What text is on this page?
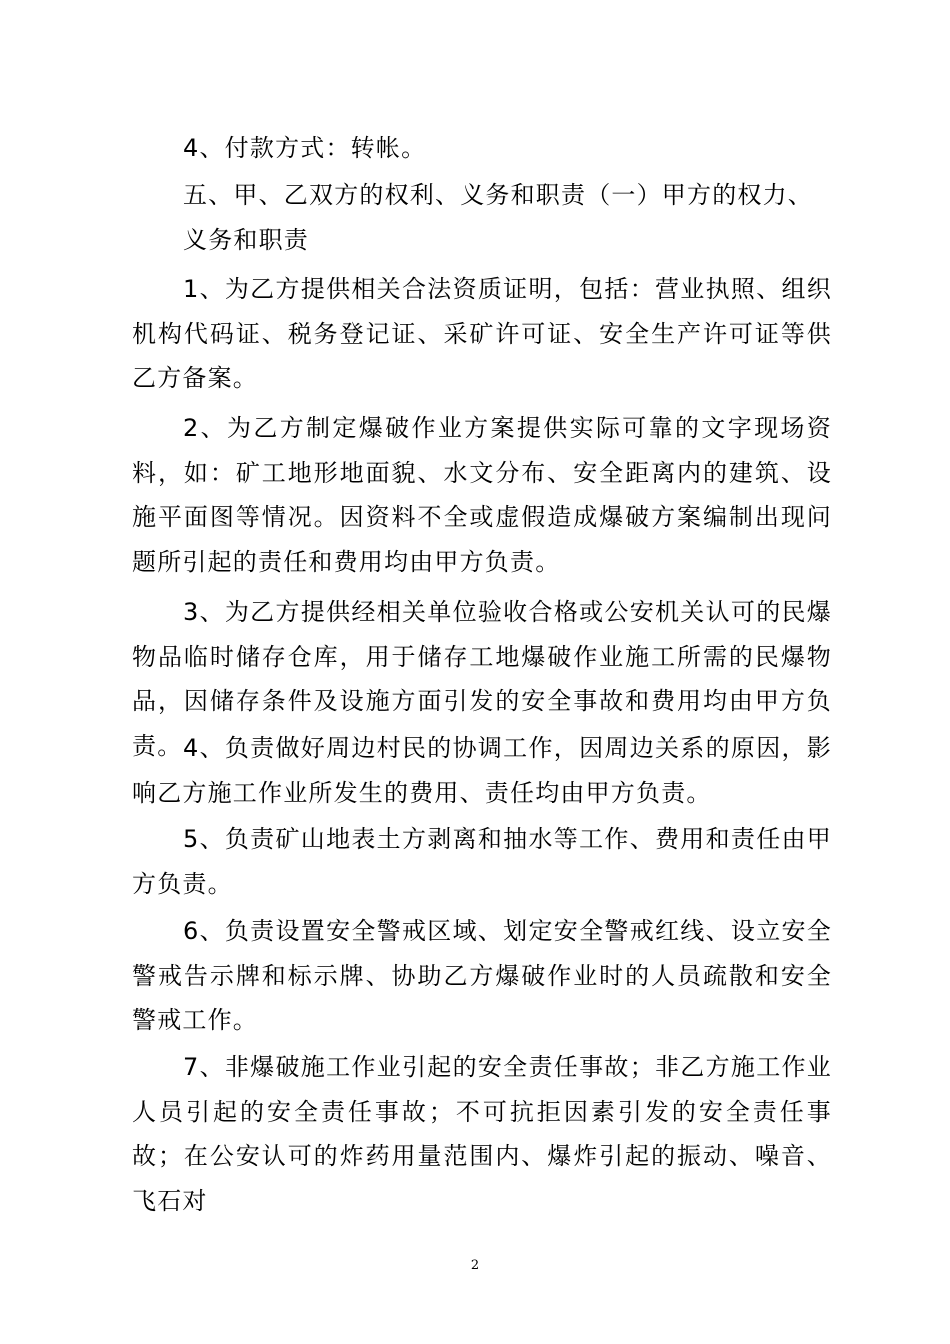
4、付款方式：转帐。

五、甲、乙双方的权利、义务和职责（一）甲方的权力、义务和职责

1、为乙方提供相关合法资质证明，包括：营业执照、组织机构代码证、税务登记证、采矿许可证、安全生产许可证等供乙方备案。

2、为乙方制定爆破作业方案提供实际可靠的文字现场资料，如：矿工地形地面貌、水文分布、安全距离内的建筑、设施平面图等情况。因资料不全或虚假造成爆破方案编制出现问题所引起的责任和费用均由甲方负责。

3、为乙方提供经相关单位验收合格或公安机关认可的民爆物品临时储存仓库，用于储存工地爆破作业施工所需的民爆物品，因储存条件及设施方面引发的安全事故和费用均由甲方负责。 4、负责做好周边村民的协调工作，因周边关系的原因，影响乙方施工作业所发生的费用、责任均由甲方负责。

5、负责矿山地表土方剥离和抽水等工作、费用和责任由甲方负责。

6、负责设置安全警戒区域、划定安全警戒红线、设立安全警戒告示牌和标示牌、协助乙方爆破作业时的人员疏散和安全警戒工作。

7、非爆破施工作业引起的安全责任事故；非乙方施工作业人员引起的安全责任事故；不可抗拒因素引发的安全责任事故；在公安认可的炸药用量范围内、爆炸引起的振动、噪音、飞石对

2
